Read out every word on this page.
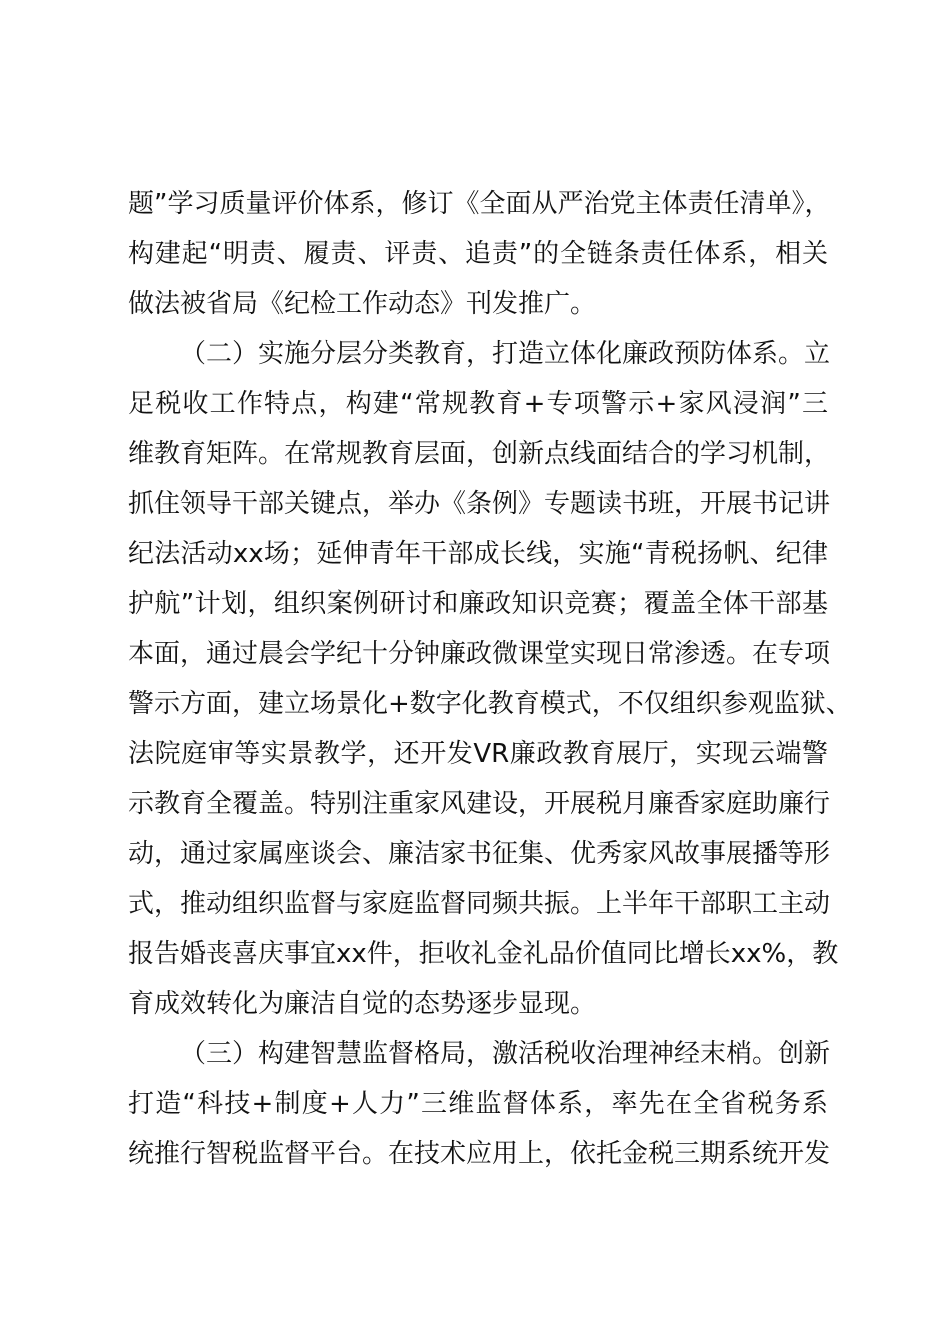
题”学习质量评价体系，修订《全面从严治党主体责任清单》，
构建起“明责、履责、评责、追责”的全链条责任体系，相关
做法被省局《纪检工作动态》刊发推广。
（二）实施分层分类教育，打造立体化廉政预防体系。立
足税收工作特点，构建“常规教育+专项警示+家风浸润”三
维教育矩阵。在常规教育层面，创新点线面结合的学习机制，
抓住领导干部关键点，举办《条例》专题读书班，开展书记讲
纪法活动xx场；延伸青年干部成长线，实施“青税扬帆、纪律
护航”计划，组织案例研讨和廉政知识竞赛；覆盖全体干部基
本面，通过晨会学纪十分钟廉政微课堂实现日常渗透。在专项
警示方面，建立场景化+数字化教育模式，不仅组织参观监狱、
法院庭审等实景教学，还开发VR廉政教育展厅，实现云端警
示教育全覆盖。特别注重家风建设，开展税月廉香家庭助廉行
动，通过家属座谈会、廉洁家书征集、优秀家风故事展播等形
式，推动组织监督与家庭监督同频共振。上半年干部职工主动
报告婚丧喜庆事宜xx件，拒收礼金礼品价值同比增长xx%，教
育成效转化为廉洁自觉的态势逐步显现。
（三）构建智慧监督格局，激活税收治理神经末梢。创新
打造“科技+制度+人力”三维监督体系，率先在全省税务系
统推行智税监督平台。在技术应用上，依托金税三期系统开发
